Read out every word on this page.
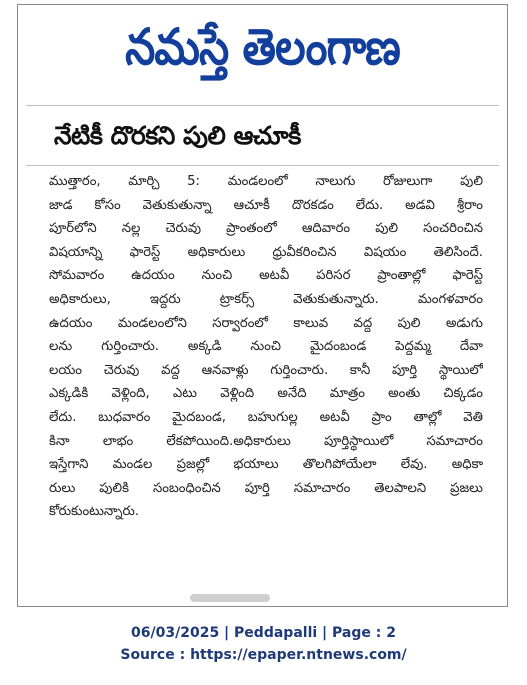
నమస్తే తెలంగాణ
నేటికీ దొరకని పులి ఆచూకీ
ముత్తారం, మార్చి 5: మండలంలో నాలుగు రోజులుగా పులి
జాడ కోసం వెతుకుతున్నా ఆచూకీ దొరకడం లేదు. అడవి శ్రీరాం
పూర్‌లోని నల్ల చెరువు ప్రాంతంలో ఆదివారం పులి సంచరించిన
విషయాన్ని ఫారెస్ట్ అధికారులు ధ్రువీకరించిన విషయం తెలిసిందే.
సోమవారం ఉదయం నుంచి అటవీ పరిసర ప్రాంతాల్లో ఫారెస్ట్
అధికారులు, ఇద్దరు ట్రాకర్స్ వెతుకుతున్నారు. మంగళవారం
ఉదయం మండలంలోని సర్వారంలో కాలువ వద్ద పులి అడుగు
లను గుర్తించారు. అక్కడి నుంచి మైదంబండ పెద్దమ్మ దేవా
లయం చెరువు వద్ద ఆనవాళ్లు గుర్తించారు. కానీ పూర్తి స్థాయిలో
ఎక్కడికి వెళ్లింది, ఎటు వెళ్లింది అనేది మాత్రం అంతు చిక్కడం
లేదు. బుధవారం మైదబండ, బహుగుల్ల అటవీ ప్రాం తాల్లో వెతి
కినా లాభం లేకపోయింది.అధికారులు పూర్తిస్థాయిలో సమాచారం
ఇస్తేగాని మండల ప్రజల్లో భయాలు తొలగిపోయేలా లేవు. అధికా
రులు పులికి సంబంధించిన పూర్తి సమాచారం తెలపాలని ప్రజలు
కోరుకుంటున్నారు.
06/03/2025 | Peddapalli | Page : 2
Source : https://epaper.ntnews.com/
